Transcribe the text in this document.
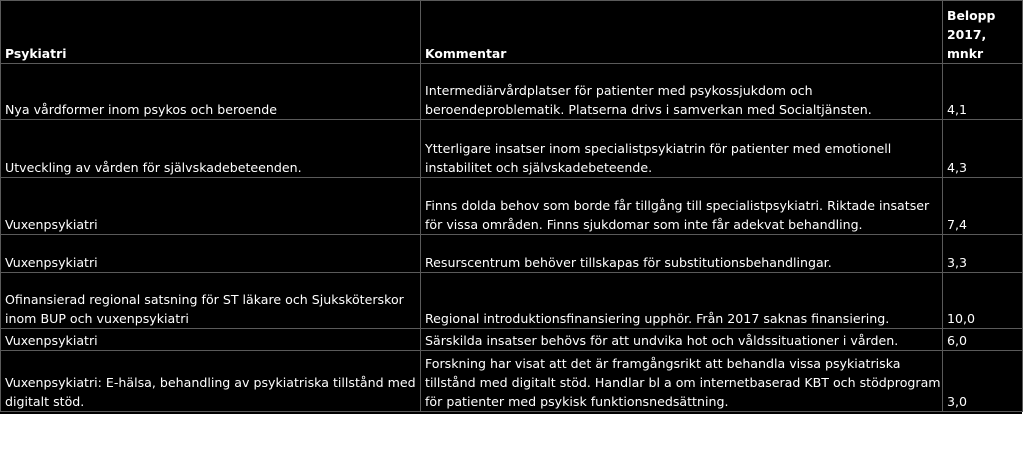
Psykiatri	Kommentar	Belopp 2017, mnkr
Nya vårdformer inom psykos och beroende	Intermediärvårdplatser för patienter med psykossjukdom och beroendeproblematik. Platserna drivs i samverkan med Socialtjänsten.	4,1
Utveckling av vården för självskadebeteenden.	Ytterligare insatser inom specialistpsykiatrin för patienter med emotionell instabilitet och självskadebeteende.	4,3
Vuxenpsykiatri	Finns dolda behov som borde får tillgång till specialistpsykiatri. Riktade insatser för vissa områden. Finns sjukdomar som inte får adekvat behandling.	7,4
Vuxenpsykiatri	Resurscentrum behöver tillskapas för substitutionsbehandlingar.	3,3
Ofinansierad regional satsning för ST läkare och Sjuksköterskor inom BUP och vuxenpsykiatri	Regional introduktionsfinansiering upphör. Från 2017 saknas finansiering.	10,0
Vuxenpsykiatri	Särskilda insatser behövs för att undvika hot och våldssituationer i vården.	6,0
Vuxenpsykiatri: E-hälsa, behandling av psykiatriska tillstånd med digitalt stöd.	Forskning har visat att det är framgångsrikt att behandla vissa psykiatriska tillstånd med digitalt stöd. Handlar bl a om internetbaserad KBT och stödprogram för patienter med psykisk funktionsnedsättning.	3,0
